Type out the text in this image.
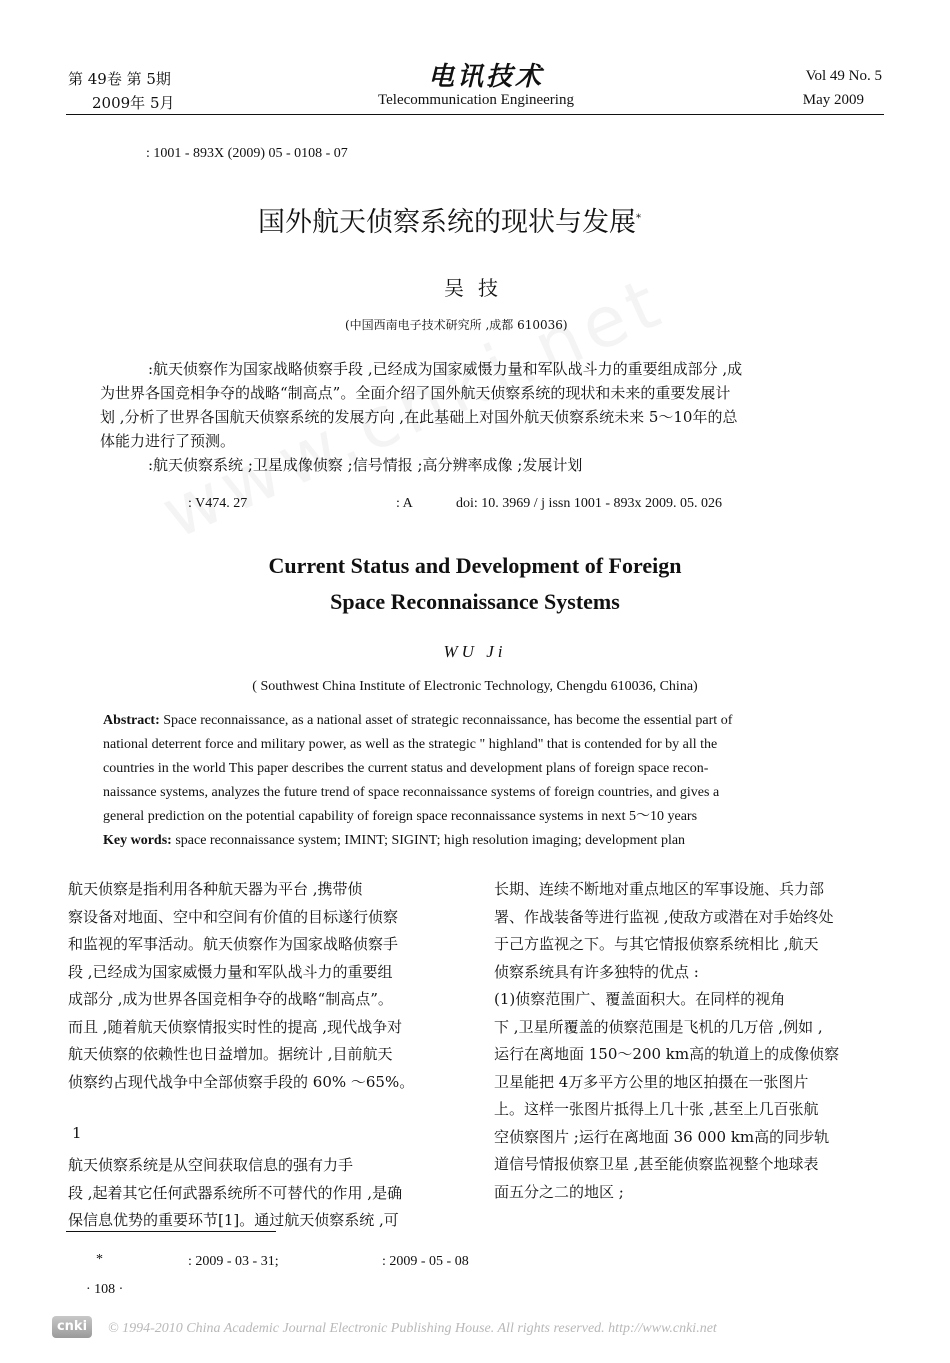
第 49卷 第 5期
2009年 5月
电讯技术
Telecommunication Engineering
Vol 49 No. 5
May 2009
: 1001 - 893X (2009) 05 - 0108 - 07
国外航天侦察系统的现状与发展*
吴技
(中国西南电子技术研究所 ,成都 610036)

:航天侦察作为国家战略侦察手段 ,已经成为国家威慑力量和军队战斗力的重要组成部分 ,成

为世界各国竞相争夺的战略“制高点”。全面介绍了国外航天侦察系统的现状和未来的重要发展计

划 ,分析了世界各国航天侦察系统的发展方向 ,在此基础上对国外航天侦察系统未来 5～10年的总

体能力进行了预测。

:航天侦察系统 ;卫星成像侦察 ;信号情报 ;高分辨率成像 ;发展计划

: V474. 27	: A	doi: 10. 3969 / j issn 1001 - 893x 2009. 05. 026
Current Status and Development of Foreign
Space Reconnaissance Systems
WU Ji
( Southwest China Institute of Electronic Technology, Chengdu 610036, China)

Abstract: Space reconnaissance, as a national asset of strategic reconnaissance, has become the essential part of

national deterrent force and military power, as well as the strategic " highland" that is contended for by all the

countries in the world This paper describes the current status and development plans of foreign space recon-

naissance systems, analyzes the future trend of space reconnaissance systems of foreign countries, and gives a

general prediction on the potential capability of foreign space reconnaissance systems in next 5～10 years

Key words: space reconnaissance system; IMINT; SIGINT; high resolution imaging; development plan

航天侦察是指利用各种航天器为平台 ,携带侦

察设备对地面、空中和空间有价值的目标遂行侦察

和监视的军事活动。航天侦察作为国家战略侦察手

段 ,已经成为国家威慑力量和军队战斗力的重要组

成部分 ,成为世界各国竞相争夺的战略“制高点”。

而且 ,随着航天侦察情报实时性的提高 ,现代战争对

航天侦察的依赖性也日益增加。据统计 ,目前航天

侦察约占现代战争中全部侦察手段的 60% ～65%。

1

航天侦察系统是从空间获取信息的强有力手

段 ,起着其它任何武器系统所不可替代的作用 ,是确

保信息优势的重要环节[1]。通过航天侦察系统 ,可

长期、连续不断地对重点地区的军事设施、兵力部

署、作战装备等进行监视 ,使敌方或潜在对手始终处

于己方监视之下。与其它情报侦察系统相比 ,航天

侦察系统具有许多独特的优点 :

(1)侦察范围广、覆盖面积大。在同样的视角

下 ,卫星所覆盖的侦察范围是飞机的几万倍 ,例如 ,

运行在离地面 150～200 km高的轨道上的成像侦察

卫星能把 4万多平方公里的地区拍摄在一张图片

上。这样一张图片抵得上几十张 ,甚至上几百张航

空侦察图片 ;运行在离地面 36 000 km高的同步轨

道信号情报侦察卫星 ,甚至能侦察监视整个地球表

面五分之二的地区 ;

*	: 2009 - 03 - 31;	: 2009 - 05 - 08
· 108 ·
cnki	© 1994-2010 China Academic Journal Electronic Publishing House. All rights reserved. http://www.cnki.net
